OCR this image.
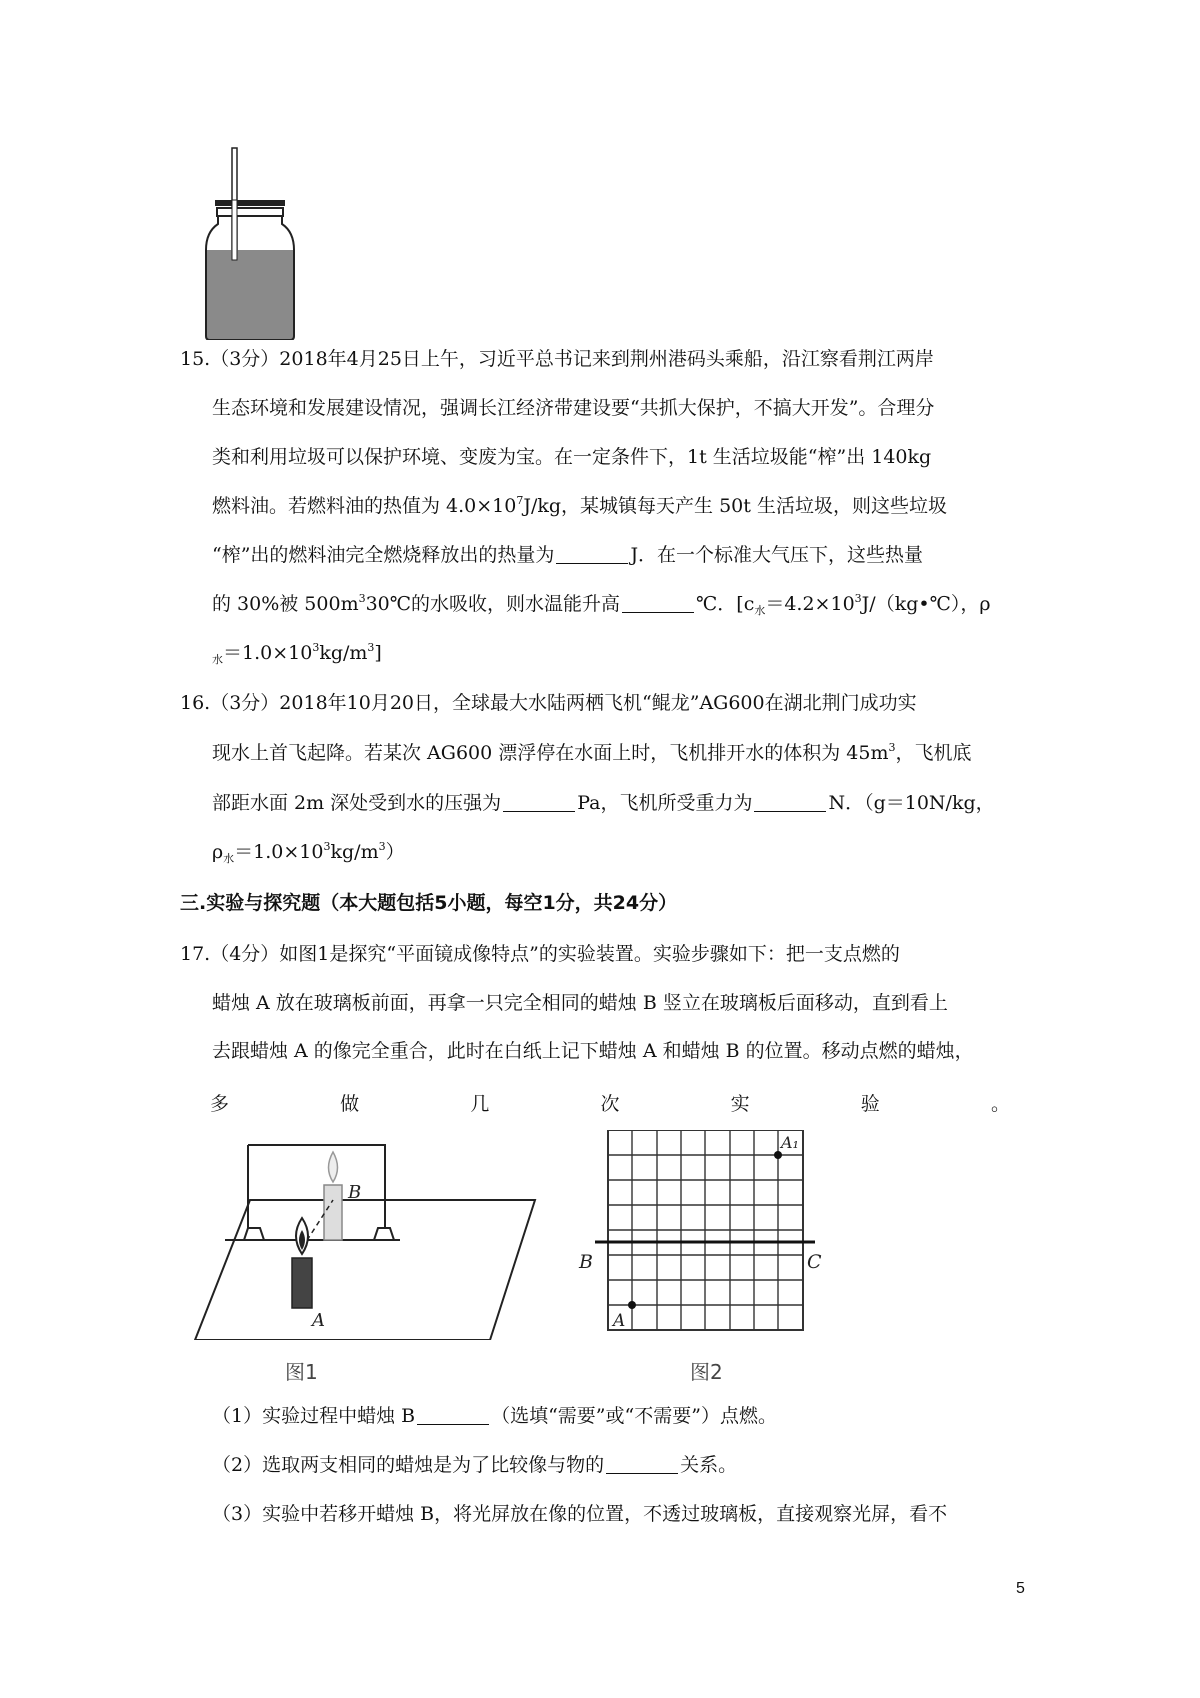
15.（3分）2018年4月25日上午，习近平总书记来到荆州港码头乘船，沿江察看荆江两岸
生态环境和发展建设情况，强调长江经济带建设要“共抓大保护，不搞大开发”。合理分
类和利用垃圾可以保护环境、变废为宝。在一定条件下，1t 生活垃圾能“榨”出 140kg
燃料油。若燃料油的热值为 $4.0\times 10^7J/kg$，某城镇每天产生 50t 生活垃圾，则这些垃圾
“榨”出的燃料油完全燃烧释放出的热量为	J．在一个标准大气压下，这些热量
的 30%被 $500m^330℃$的水吸收，则水温能升高	℃．[$c_水=4.2\times 10^3J/(kg•℃)$，ρ
$_水=1.0\times 10^3kg/m^3$]
16.（3分）2018年10月20日，全球最大水陆两栖飞机“鲲龙”AG600在湖北荆门成功实
现水上首飞起降。若某次 AG600 漂浮停在水面上时，飞机排开水的体积为 $45m^3$，飞机底
部距水面 2m 深处受到水的压强为	Pa，飞机所受重力为	N．（g＝10N/kg，
$\rho_水=1.0\times 10^3kg/m^3$）
三.实验与探究题（本大题包括5小题，每空1分，共24分）
17.（4分）如图1是探究“平面镜成像特点”的实验装置。实验步骤如下：把一支点燃的
蜡烛 A 放在玻璃板前面，再拿一只完全相同的蜡烛 B 竖立在玻璃板后面移动，直到看上
去跟蜡烛 A 的像完全重合，此时在白纸上记下蜡烛 A 和蜡烛 B 的位置。移动点燃的蜡烛，
多	做	几	次	实	验	。
B
A
图1
A
A₁
B	C
图2
（1）实验过程中蜡烛 B	（选填“需要”或“不需要”）点燃。
（2）选取两支相同的蜡烛是为了比较像与物的	关系。
（3）实验中若移开蜡烛 B，将光屏放在像的位置，不透过玻璃板，直接观察光屏，看不
5
